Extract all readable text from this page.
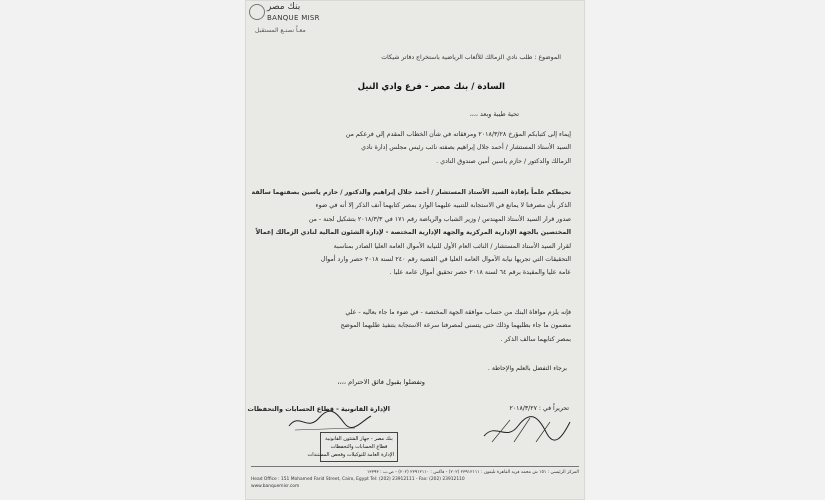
بنك مصر
BANQUE MISR
معـاً نصنـع المستقبل
الموضوع : طلب نادي الزمالك للألعاب الرياضية باستخراج دفاتر شيكات
السادة / بنك مصر - فرع وادي النيل
تحية طيبة وبعد ،،،،
إيماء إلى كتبابكم المؤرخ ٢٠١٨/٣/٢٨ ومرفقاته في شأن الخطاب المقدم إلي فرعكم من
السيد الأستاذ المستشار / أحمد جلال إبراهيم بصفته نائب رئيس مجلس إدارة نادي
الزمالك والدكتور / حازم ياسين أمين صندوق النادي .
نحيطكم علماً بإفادة السيد الأستاذ المستشار / أحمد جلال إبراهيم والدكتور / حازم ياسين بصفتهما سالفة
الذكر بأن مصرفنا لا يمانع في الاستجابة للتنبيه عليهما الوارد بمصر كتابهما آنف الذكر إلا أنه في ضوء
صدور قرار السيد الأستاذ المهندس / وزير الشباب والرياضة رقم ١٧١ في ٢٠١٨/٣/٣ بتشكيل لجنة - من
المختصين بالجهة الإدارية المركزية والجهة الإدارية المختصة - لإدارة الشئون المالية لنادي الزمالك إعمالاً
لقرار السيد الأستاذ المستشار / النائب العام الأول للنيابة الأموال العامة العليا الصادر بمناسبة
التحقيقات التي تجريها نيابة الأموال العامة العليا في القضية رقم ٢٤٠ لسنة ٢٠١٨ حصر وارد أموال
عامة عليا والمقيدة برقم ٦٤ لسنة ٢٠١٨ حصر تحقيق أموال عامة عليا .
فإنه يلزم موافاة البنك من حساب موافقة الجهة المختصة - في ضوء ما جاء بعاليه - علي
مضمون ما جاء بطلبهما وذلك حتى يتسنى لمصرفنا سرعة الاستجابة بتنفيذ طلبهما الموضح
بمصر كتابهما سالف الذكر .
برجاء التفضل بالعلم والإحاطة .
وتفضلوا بقبول فائق الاحترام ،،،،
الإدارة القانونية - قطاع الحسابات والتحفظات	تحريراً في : ٢٠١٨/٣/٢٧
بنك مصر - جهاز الشئون القانونية
قطاع الحسابات والتحفظات
الإدارة العامة للتوكيلات وفحص المستندات
المركز الرئيسي : ١٥١ ش محمد فريد القاهرة تليفون : ٢٣٩١٢١١١ (٢٠٢) - فاكس : ٢٣٩١٢١١٠ (٢٠٢) - ص.ب : ١٣٣٩٣
Head Office : 151 Mohamed Farid Street, Cairo, Egypt Tel: (202) 23912111 - Fax: (202) 23912110
www.banquemisr.com
